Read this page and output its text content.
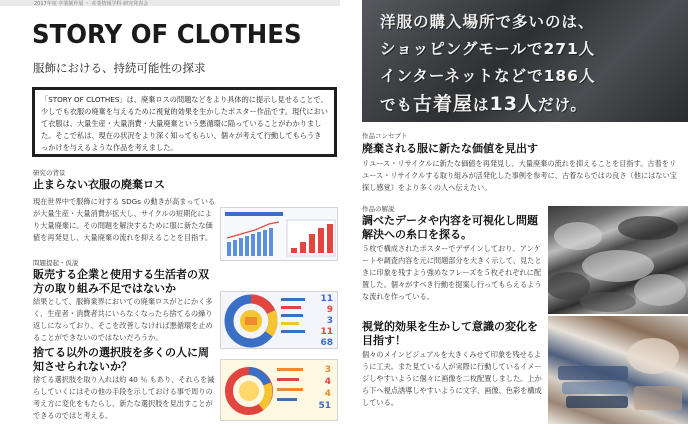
2017年度 卒業制作展 ・ 産業情報学科 研究発表会
STORY OF CLOTHES
服飾における、持続可能性の探求

「STORY OF CLOTHES」は、廃棄ロスの問題などをより具体的に提示し見せることで、少しでも衣服の廃棄を与えるために視覚的効果を生かしたポスター作品です。現代において衣服は、大量生産・大量消費・大量廃棄という悪循環に陥っていることがわかりました。そこで私は、現在の状況をより深く知ってもらい、個々が考えて行動してもらうきっかけを与えるような作品を考えました。

研究の背景
止まらない衣服の廃棄ロス
現在世界中で服飾に対する SDGs の動きが高まっているが大量生産・大量消費が拡大し、サイクルの短期化により大量廃棄に。その問題を解決するために服に新たな価値を再発見し、大量廃棄の流れを抑えることを目指す。
問題提起・仮説
販売する企業と使用する生活者の双方の取り組み不足ではないか
結果として、服飾業界においての廃棄ロスがとにかく多く、生産者・消費者共にいらなくなったら捨てるの繰り返しになっており、そこを改善しなければ悪循環を止めることができないのではないだろうか。
11
9
3
11
68
捨てる以外の選択肢を多くの人に周知させられないか？
捨てる選択肢を取り入れは約 40 ％ もあり、それらを減らしていくにはその他の手段を示しておける事で周りの考え方に変化をもたらし、新たな選択肢を見出すことができるのではと考える。
3
4
4
51
洋服の購入場所で多いのは、
ショッピングモールで271人
インターネットなどで186人
でも古着屋は13人だけ。
作品コンセプト
廃棄される服に新たな価値を見出す
リユース・リサイクルに新たな価値を再発見し、大量廃棄の流れを抑えることを目指す。古着をリユース・リサイクルする取り組みが活発化した事例を参考に、古着ならではの良さ（他にはない宝探し感覚）をより多くの人へ伝えたい。
作品の解説
調べたデータや内容を可視化し問題解決への糸口を探る。
５枚で構成されたポスターでデザインしており、アンケートや調査内容を元に問題部分を大きく示して、見たときに印象を残すよう強めなフレーズを５枚それぞれに配置した。個々がすべき行動を提案し行ってもらえるような流れを作っている。
視覚的効果を生かして意識の変化を目指す！
個々のメインビジュアルを大きくみせて印象を残せるように工夫。また見ている人が実際に行動しているイメージしやすいように個々に画像を二枚配置しました。上から下へ視点誘導しやすいように文字、画像、色彩を構成している。
